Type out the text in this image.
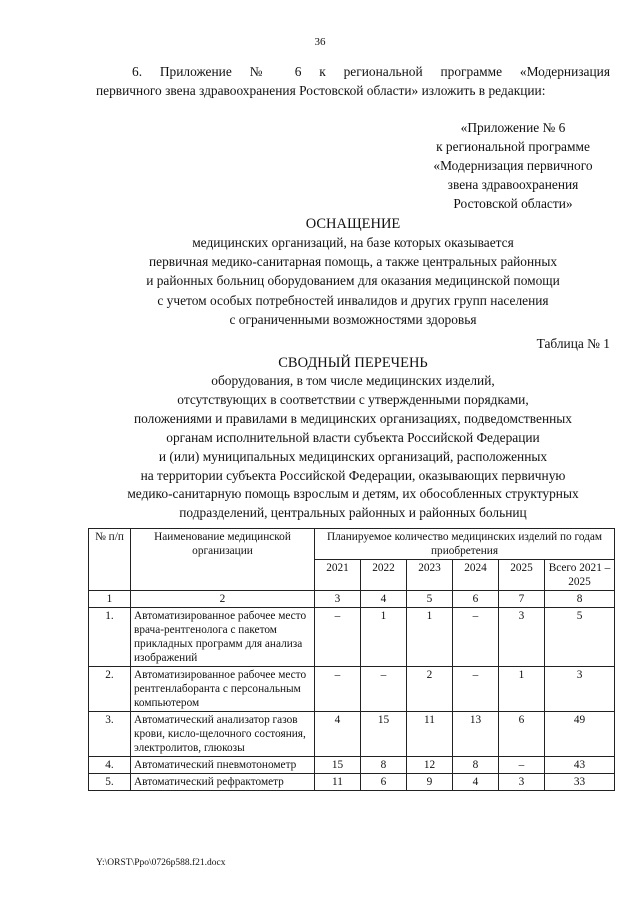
36
6. Приложение № 6 к региональной программе «Модернизация
первичного звена здравоохранения Ростовской области» изложить в редакции:
«Приложение № 6
к региональной программе
«Модернизация первичного
звена здравоохранения
Ростовской области»
ОСНАЩЕНИЕ
медицинских организаций, на базе которых оказывается
первичная медико-санитарная помощь, а также центральных районных
и районных больниц оборудованием для оказания медицинской помощи
с учетом особых потребностей инвалидов и других групп населения
с ограниченными возможностями здоровья
Таблица № 1
СВОДНЫЙ ПЕРЕЧЕНЬ
оборудования, в том числе медицинских изделий,
отсутствующих в соответствии с утвержденными порядками,
положениями и правилами в медицинских организациях, подведомственных
органам исполнительной власти субъекта Российской Федерации
и (или) муниципальных медицинских организаций, расположенных
на территории субъекта Российской Федерации, оказывающих первичную
медико-санитарную помощь взрослым и детям, их обособленных структурных
подразделений, центральных районных и районных больниц
№ п/п	Наименование медицинской организации	Планируемое количество медицинских изделий по годам приобретения					
		2021	2022	2023	2024	2025	Всего 2021 – 2025
1	2	3	4	5	6	7	8
1.	Автоматизированное рабочее место врача-рентгенолога с пакетом прикладных программ для анализа изображений	–	1	1	–	3	5
2.	Автоматизированное рабочее место рентгенлаборанта с персональным компьютером	–	–	2	–	1	3
3.	Автоматический анализатор газов крови, кисло-щелочного состояния, электролитов, глюкозы	4	15	11	13	6	49
4.	Автоматический пневмотонометр	15	8	12	8	–	43
5.	Автоматический рефрактометр	11	6	9	4	3	33
Y:\ORST\Ppo\0726p588.f21.docx
